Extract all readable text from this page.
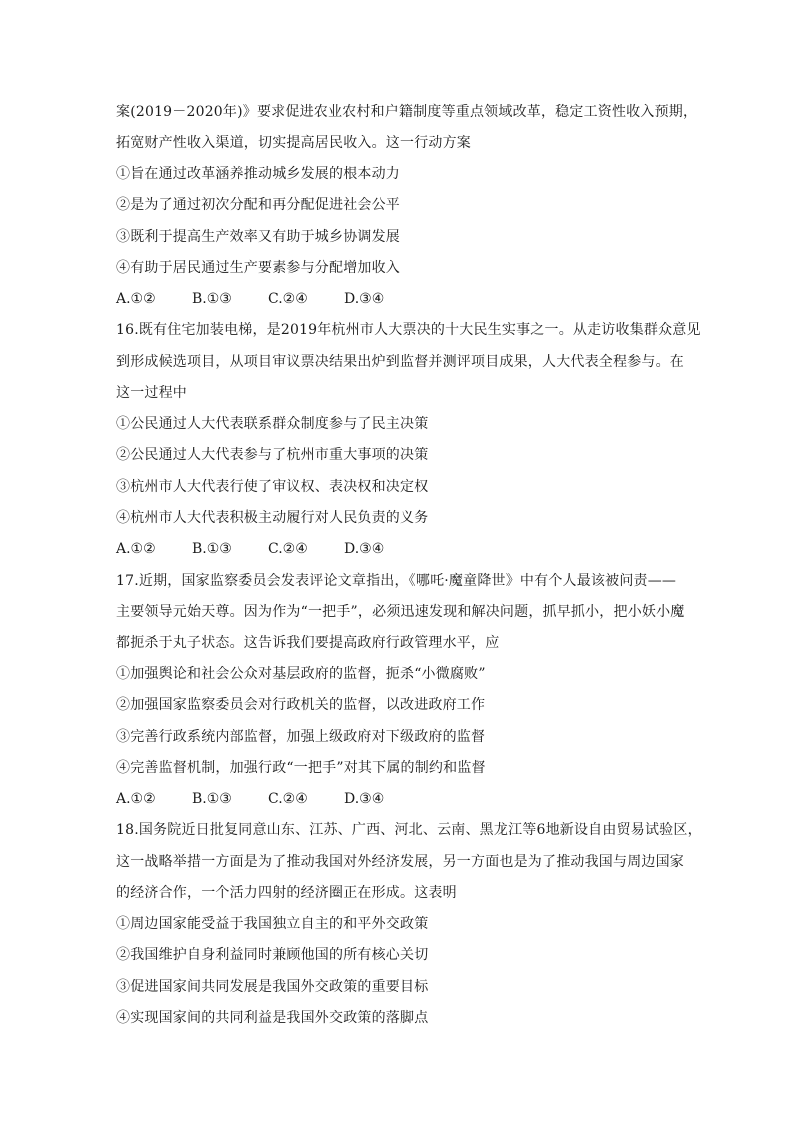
案(2019－2020年)》要求促进农业农村和户籍制度等重点领域改革，稳定工资性收入预期，
拓宽财产性收入渠道，切实提高居民收入。这一行动方案
①旨在通过改革涵养推动城乡发展的根本动力
②是为了通过初次分配和再分配促进社会公平
③既利于提高生产效率又有助于城乡协调发展
④有助于居民通过生产要素参与分配增加收入
A.①②	B.①③	C.②④	D.③④
16.既有住宅加装电梯，是2019年杭州市人大票决的十大民生实事之一。从走访收集群众意见
到形成候选项目，从项目审议票决结果出炉到监督并测评项目成果，人大代表全程参与。在
这一过程中
①公民通过人大代表联系群众制度参与了民主决策
②公民通过人大代表参与了杭州市重大事项的决策
③杭州市人大代表行使了审议权、表决权和决定权
④杭州市人大代表积极主动履行对人民负责的义务
A.①②	B.①③	C.②④	D.③④
17.近期，国家监察委员会发表评论文章指出，《哪吒·魔童降世》中有个人最该被问责——
主要领导元始天尊。因为作为“一把手”，必须迅速发现和解决问题，抓早抓小，把小妖小魔
都扼杀于丸子状态。这告诉我们要提高政府行政管理水平，应
①加强舆论和社会公众对基层政府的监督，扼杀“小微腐败”
②加强国家监察委员会对行政机关的监督，以改进政府工作
③完善行政系统内部监督，加强上级政府对下级政府的监督
④完善监督机制，加强行政“一把手”对其下属的制约和监督
A.①②	B.①③	C.②④	D.③④
18.国务院近日批复同意山东、江苏、广西、河北、云南、黑龙江等6地新设自由贸易试验区，
这一战略举措一方面是为了推动我国对外经济发展，另一方面也是为了推动我国与周边国家
的经济合作，一个活力四射的经济圈正在形成。这表明
①周边国家能受益于我国独立自主的和平外交政策
②我国维护自身利益同时兼顾他国的所有核心关切
③促进国家间共同发展是我国外交政策的重要目标
④实现国家间的共同利益是我国外交政策的落脚点
